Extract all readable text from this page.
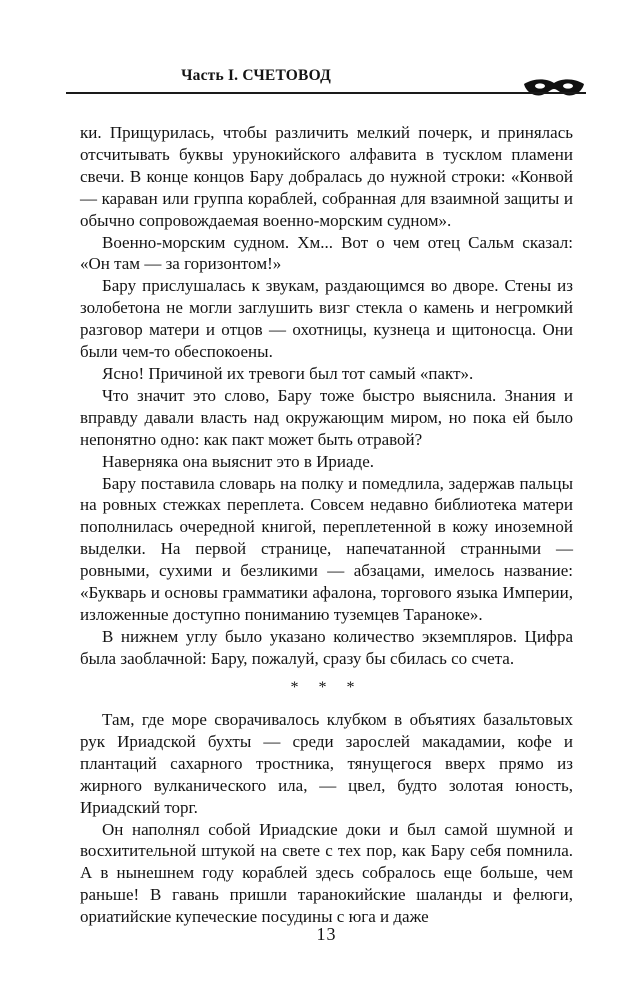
Часть I. СЧЕТОВОД

ки. Прищурилась, чтобы различить мелкий почерк, и принялась отсчитывать буквы урунокийского алфавита в тусклом пламени свечи. В конце концов Бару добралась до нужной строки: «Конвой — караван или группа кораблей, собранная для взаимной защиты и обычно сопровождаемая военно-морским судном».

Военно-морским судном. Хм... Вот о чем отец Сальм сказал: «Он там — за горизонтом!»

Бару прислушалась к звукам, раздающимся во дворе. Стены из золобетона не могли заглушить визг стекла о камень и негромкий разговор матери и отцов — охотницы, кузнеца и щитоносца. Они были чем-то обеспокоены.

Ясно! Причиной их тревоги был тот самый «пакт».

Что значит это слово, Бару тоже быстро выяснила. Знания и вправду давали власть над окружающим миром, но пока ей было непонятно одно: как пакт может быть отравой?

Наверняка она выяснит это в Ириаде.

Бару поставила словарь на полку и помедлила, задержав пальцы на ровных стежках переплета. Совсем недавно библиотека матери пополнилась очередной книгой, переплетенной в кожу иноземной выделки. На первой странице, напечатанной странными — ровными, сухими и безликими — абзацами, имелось название: «Букварь и основы грамматики афалона, торгового языка Империи, изложенные доступно пониманию туземцев Тараноке».

В нижнем углу было указано количество экземпляров. Цифра была заоблачной: Бару, пожалуй, сразу бы сбилась со счета.

* * *

Там, где море сворачивалось клубком в объятиях базальтовых рук Ириадской бухты — среди зарослей макадамии, кофе и плантаций сахарного тростника, тянущегося вверх прямо из жирного вулканического ила, — цвел, будто золотая юность, Ириадский торг.

Он наполнял собой Ириадские доки и был самой шумной и восхитительной штукой на свете с тех пор, как Бару себя помнила. А в нынешнем году кораблей здесь собралось еще больше, чем раньше! В гавань пришли таранокийские шаланды и фелюги, ориатийские купеческие посудины с юга и даже

13
